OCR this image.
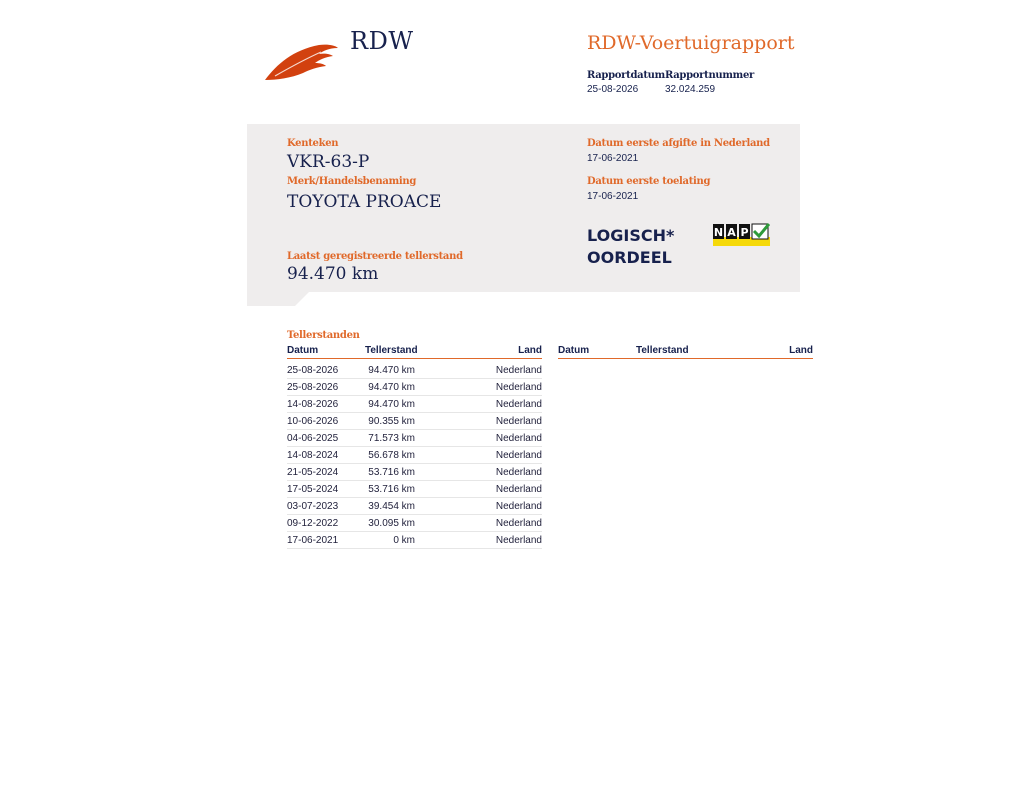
RDW	RDW-Voertuigrapport
Rapportdatum
25-08-2026
Rapportnummer
32.024.259
Kenteken
VKR-63-P
Merk/Handelsbenaming
TOYOTA PROACE
Laatst geregistreerde tellerstand
94.470 km
Datum eerste afgifte in Nederland
17-06-2021
Datum eerste toelating
17-06-2021
LOGISCH*
OORDEEL
N A P
Tellerstanden
Datum	Tellerstand	Land
25-08-2026	94.470 km	Nederland
25-08-2026	94.470 km	Nederland
14-08-2026	94.470 km	Nederland
10-06-2026	90.355 km	Nederland
04-06-2025	71.573 km	Nederland
14-08-2024	56.678 km	Nederland
21-05-2024	53.716 km	Nederland
17-05-2024	53.716 km	Nederland
03-07-2023	39.454 km	Nederland
09-12-2022	30.095 km	Nederland
17-06-2021	0 km	Nederland
Datum	Tellerstand	Land
